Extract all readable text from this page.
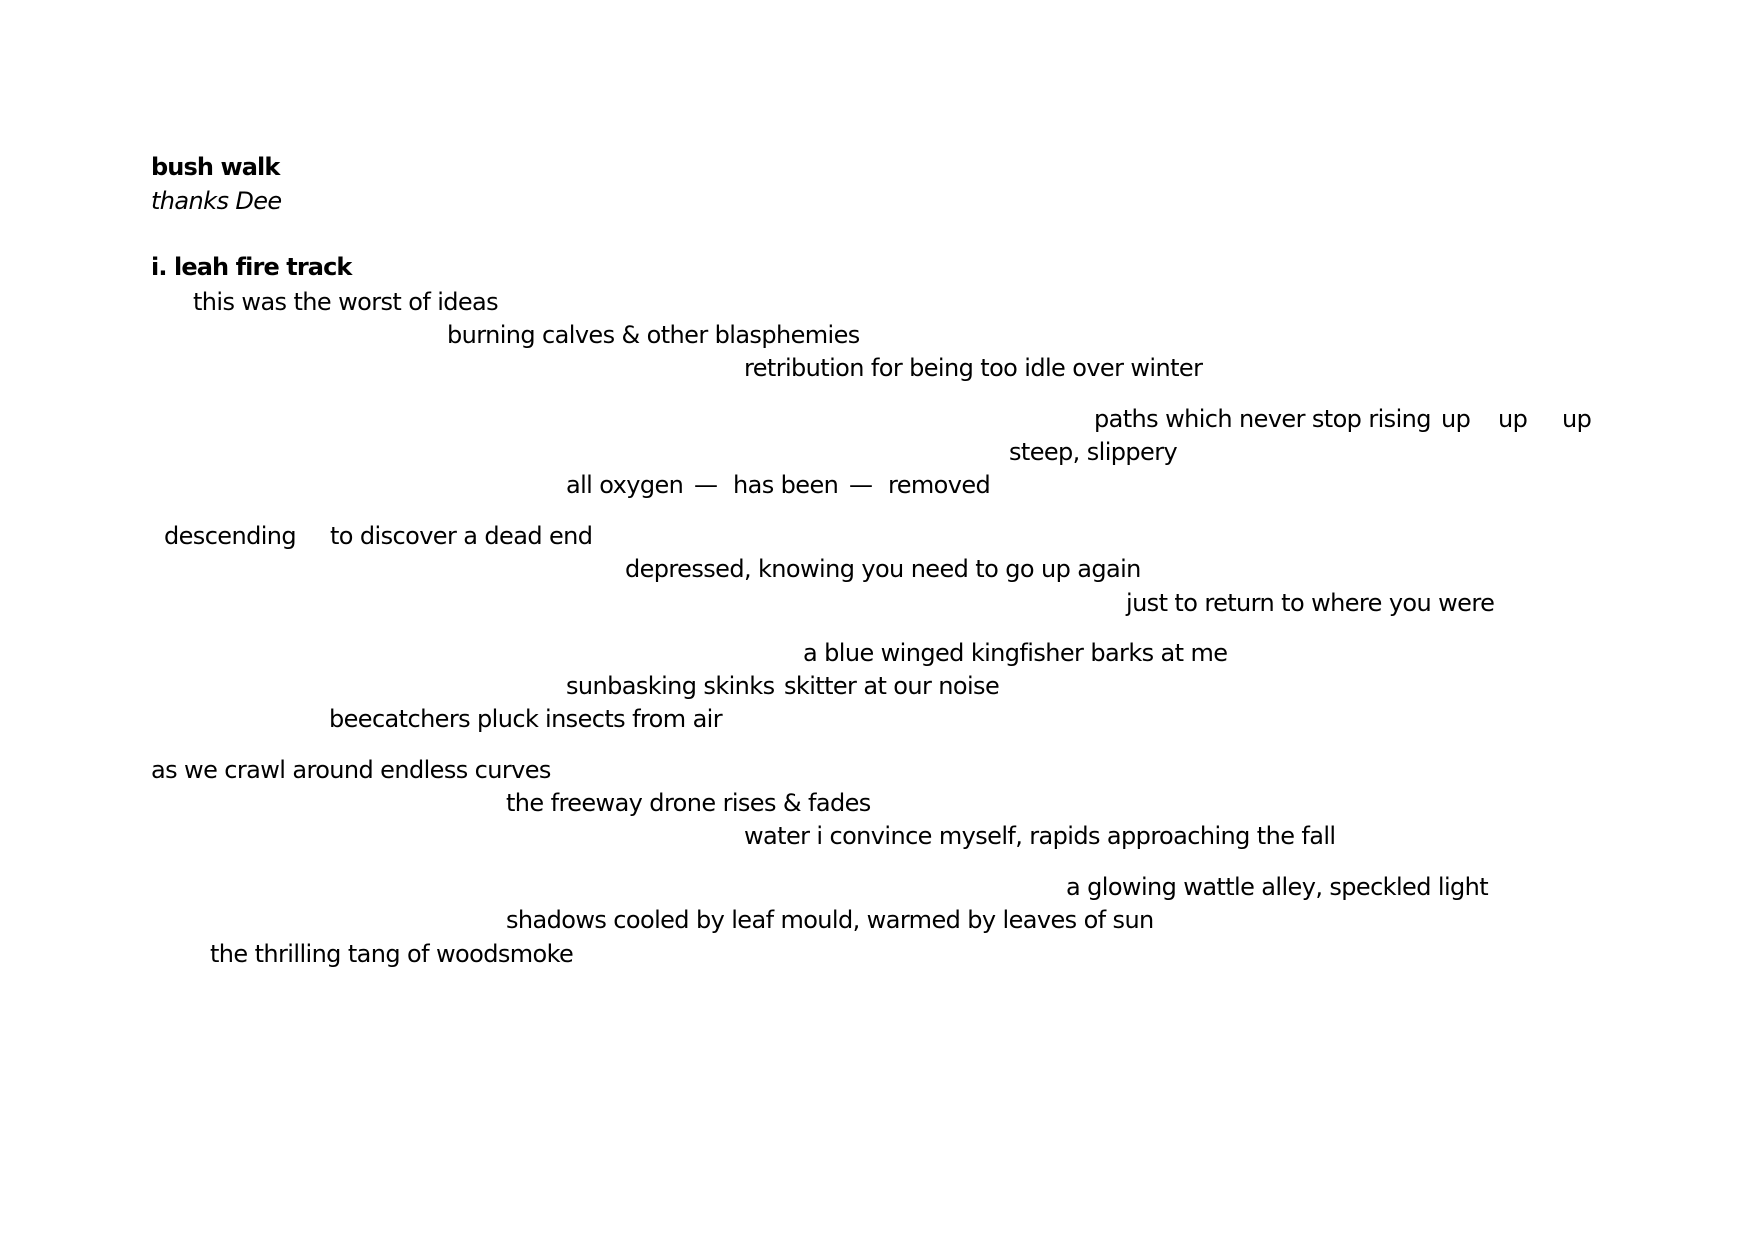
bush walk
thanks Dee
i. leah fire track
this was the worst of ideas
burning calves & other blasphemies
retribution for being too idle over winter
paths which never stop rising up up up
steep, slippery
all oxygen — has been — removed
descending to discover a dead end
depressed, knowing you need to go up again
just to return to where you were
a blue winged kingfisher barks at me
sunbasking skinks skitter at our noise
beecatchers pluck insects from air
as we crawl around endless curves
the freeway drone rises & fades
water i convince myself, rapids approaching the fall
a glowing wattle alley, speckled light
shadows cooled by leaf mould, warmed by leaves of sun
the thrilling tang of woodsmoke
